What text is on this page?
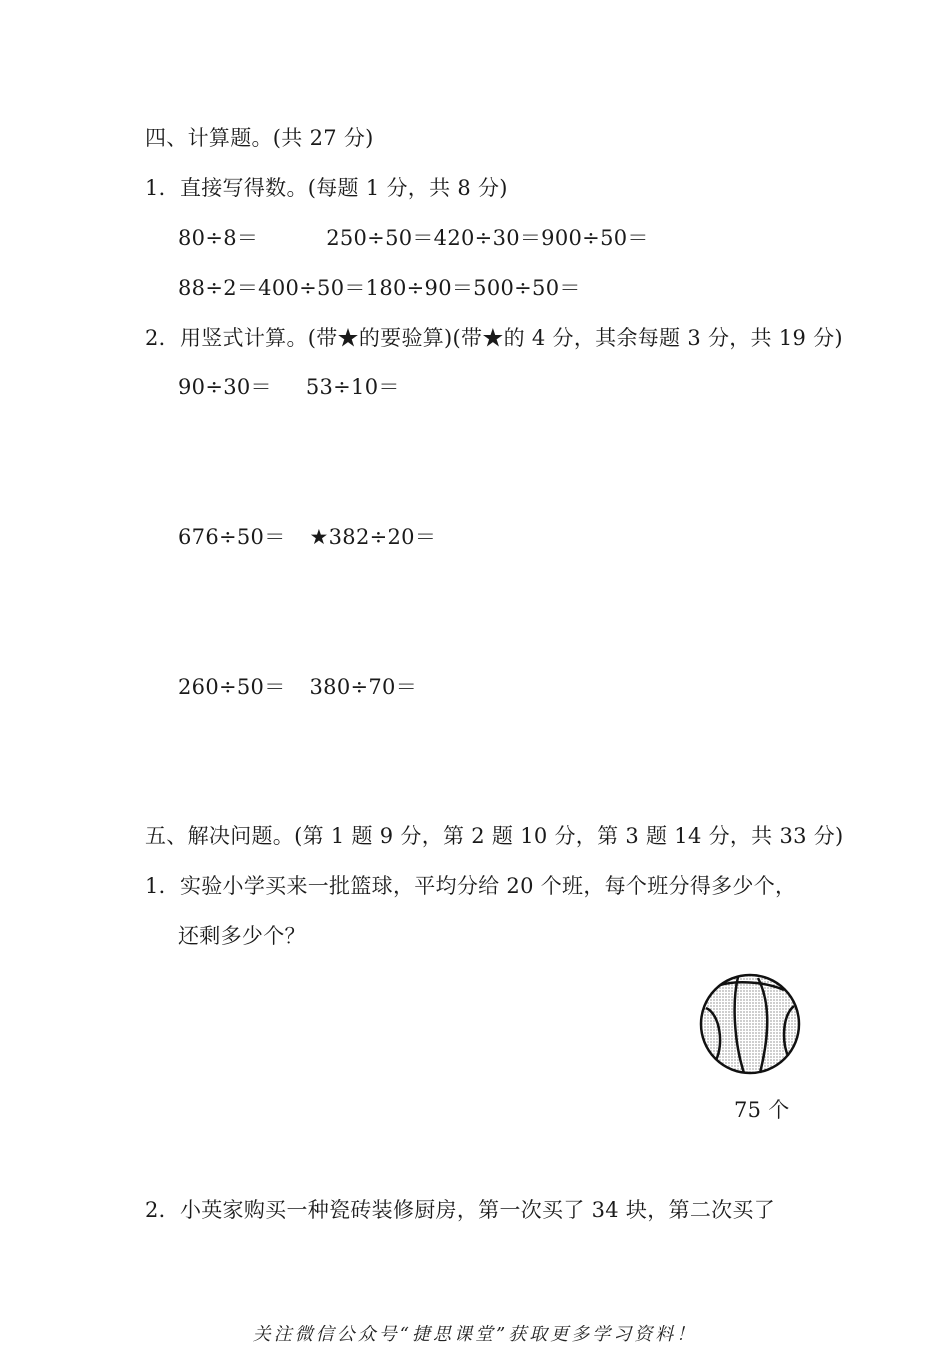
四、计算题。(共 27 分)
1．直接写得数。(每题 1 分，共 8 分)
80÷8＝	250÷50＝420÷30＝900÷50＝
88÷2＝400÷50＝180÷90＝500÷50＝
2．用竖式计算。(带★的要验算)(带★的 4 分，其余每题 3 分，共 19 分)
90÷30＝ 53÷10＝
676÷50＝ ★382÷20＝
260÷50＝ 380÷70＝
五、解决问题。(第 1 题 9 分，第 2 题 10 分，第 3 题 14 分，共 33 分)
1．实验小学买来一批篮球，平均分给 20 个班，每个班分得多少个，
还剩多少个？
75 个
2．小英家购买一种瓷砖装修厨房，第一次买了 34 块，第二次买了
关注微信公众号“捷思课堂”获取更多学习资料！
